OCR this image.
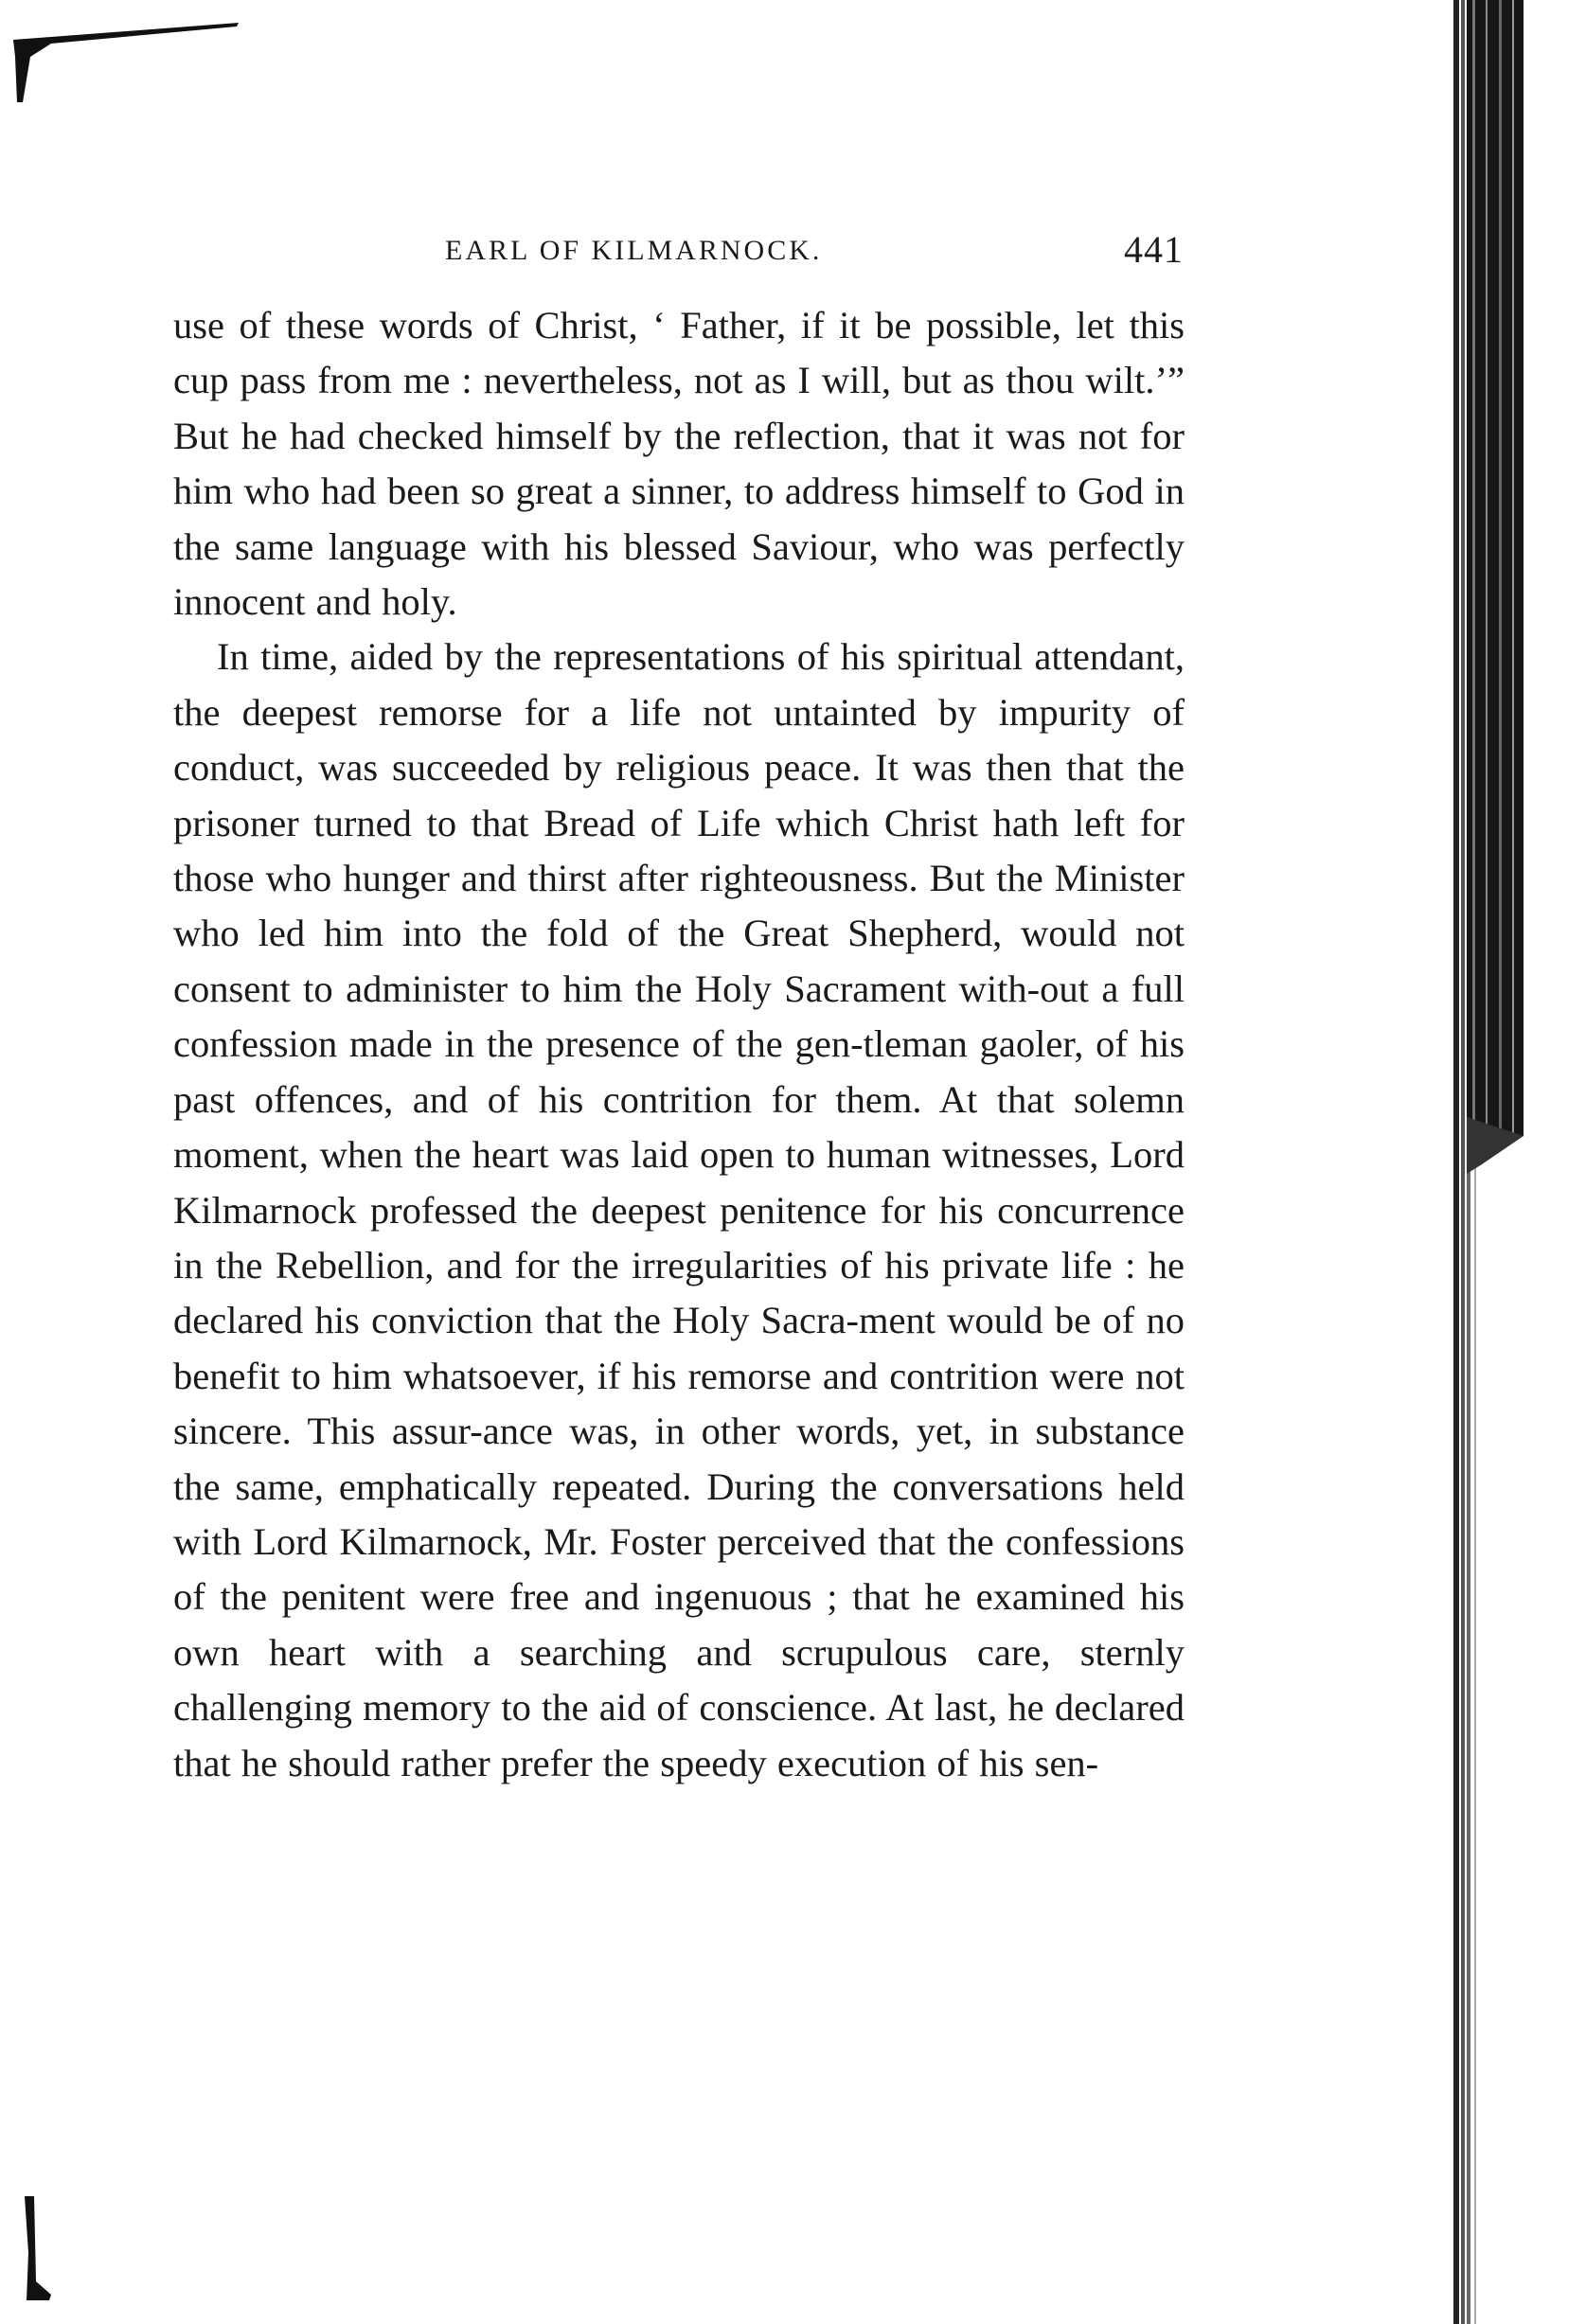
EARL OF KILMARNOCK.	441

use of these words of Christ, ‘ Father, if it be possible, let this cup pass from me : nevertheless, not as I will, but as thou wilt.’” But he had checked himself by the reflection, that it was not for him who had been so great a sinner, to address himself to God in the same language with his blessed Saviour, who was perfectly innocent and holy.

In time, aided by the representations of his spiritual attendant, the deepest remorse for a life not untainted by impurity of conduct, was succeeded by religious peace. It was then that the prisoner turned to that Bread of Life which Christ hath left for those who hunger and thirst after righteousness. But the Minister who led him into the fold of the Great Shepherd, would not consent to administer to him the Holy Sacrament with-out a full confession made in the presence of the gen-tleman gaoler, of his past offences, and of his contrition for them. At that solemn moment, when the heart was laid open to human witnesses, Lord Kilmarnock professed the deepest penitence for his concurrence in the Rebellion, and for the irregularities of his private life : he declared his conviction that the Holy Sacra-ment would be of no benefit to him whatsoever, if his remorse and contrition were not sincere. This assur-ance was, in other words, yet, in substance the same, emphatically repeated. During the conversations held with Lord Kilmarnock, Mr. Foster perceived that the confessions of the penitent were free and ingenuous ; that he examined his own heart with a searching and scrupulous care, sternly challenging memory to the aid of conscience. At last, he declared that he should rather prefer the speedy execution of his sen-
